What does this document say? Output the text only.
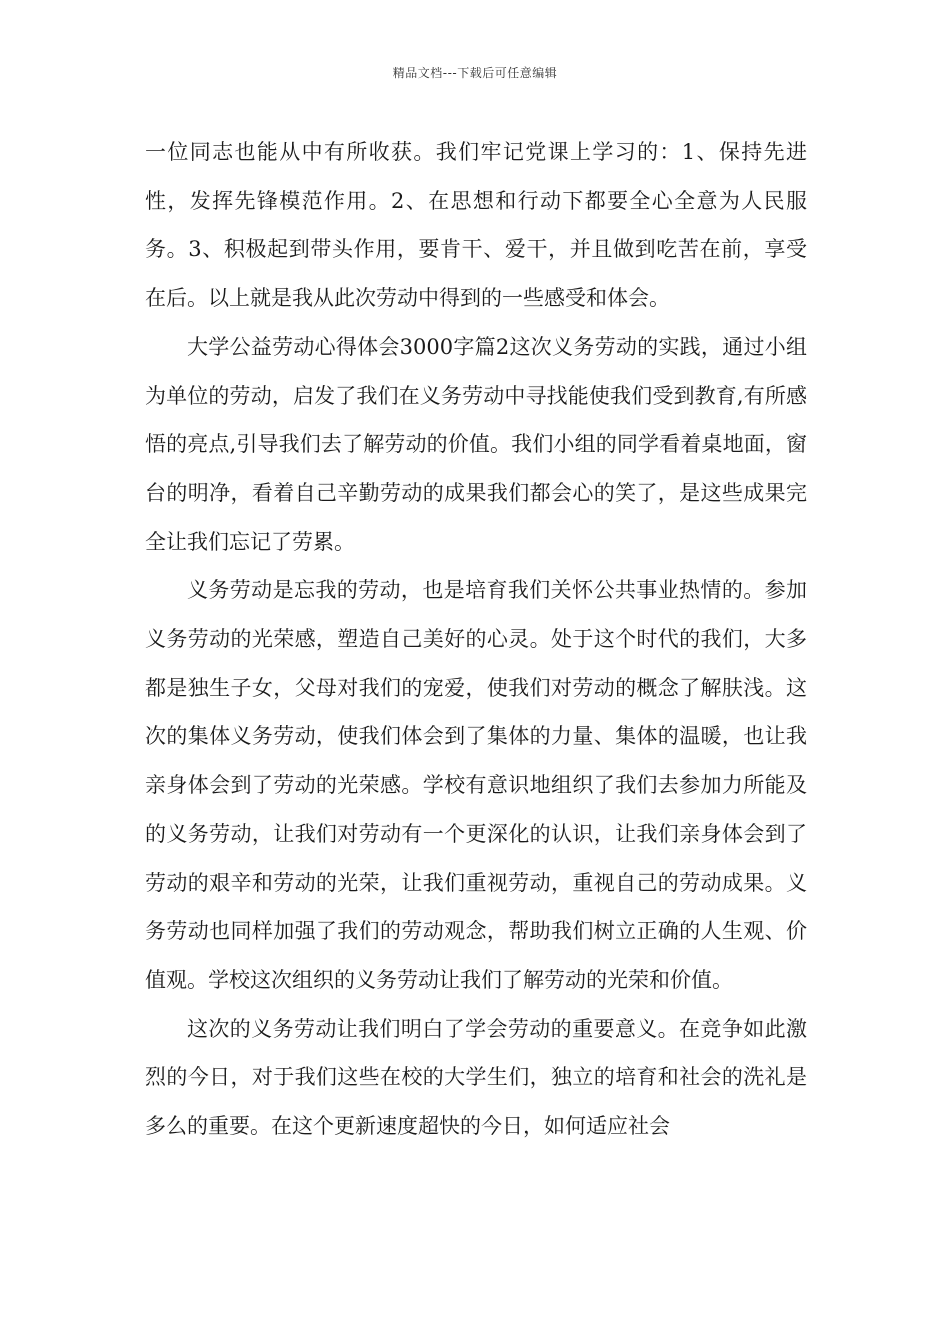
精品文档---下载后可任意编辑

一位同志也能从中有所收获。我们牢记党课上学习的：1、保持先进性，发挥先锋模范作用。2、在思想和行动下都要全心全意为人民服务。3、积极起到带头作用，要肯干、爱干，并且做到吃苦在前，享受在后。以上就是我从此次劳动中得到的一些感受和体会。

大学公益劳动心得体会3000字篇2这次义务劳动的实践，通过小组为单位的劳动，启发了我们在义务劳动中寻找能使我们受到教育,有所感悟的亮点,引导我们去了解劳动的价值。我们小组的同学看着桌地面，窗台的明净，看着自己辛勤劳动的成果我们都会心的笑了，是这些成果完全让我们忘记了劳累。

义务劳动是忘我的劳动，也是培育我们关怀公共事业热情的。参加义务劳动的光荣感，塑造自己美好的心灵。处于这个时代的我们，大多都是独生子女，父母对我们的宠爱，使我们对劳动的概念了解肤浅。这次的集体义务劳动，使我们体会到了集体的力量、集体的温暖，也让我亲身体会到了劳动的光荣感。学校有意识地组织了我们去参加力所能及的义务劳动，让我们对劳动有一个更深化的认识，让我们亲身体会到了劳动的艰辛和劳动的光荣，让我们重视劳动，重视自己的劳动成果。义务劳动也同样加强了我们的劳动观念，帮助我们树立正确的人生观、价值观。学校这次组织的义务劳动让我们了解劳动的光荣和价值。

这次的义务劳动让我们明白了学会劳动的重要意义。在竞争如此激烈的今日，对于我们这些在校的大学生们，独立的培育和社会的洗礼是多么的重要。在这个更新速度超快的今日，如何适应社会
